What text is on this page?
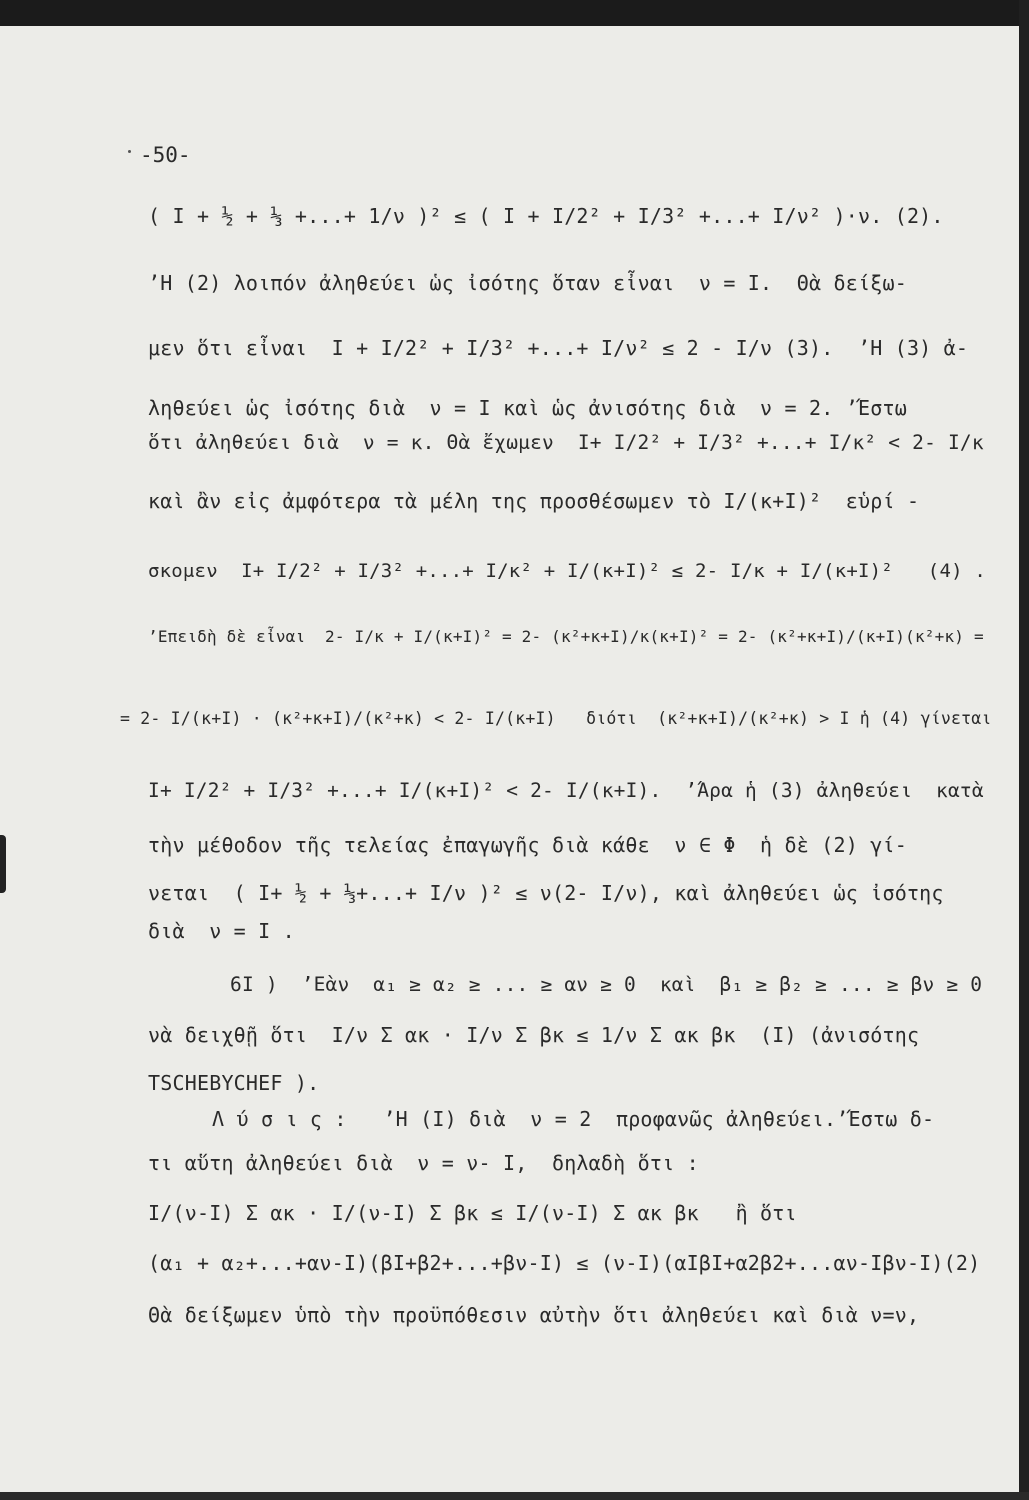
-50-
( I + ½ + ⅓ +...+ 1/ν )² ≤ ( I + I/2² + I/3² +...+ I/ν² )·ν. (2).
’H (2) λοιπόν ἀληθεύει ὡς ἰσότης ὅταν εἶναι  ν = I.  Θὰ δείξω-
μεν ὅτι εἶναι  I + I/2² + I/3² +...+ I/ν² ≤ 2 - I/ν (3).  ’H (3) ἀ-
ληθεύει ὡς ἰσότης διὰ  ν = I καὶ ὡς ἀνισότης διὰ  ν = 2. ’Έστω
ὅτι ἀληθεύει διὰ  ν = κ. Θὰ ἔχωμεν  I+ I/2² + I/3² +...+ I/κ² < 2- I/κ
καὶ ἂν εἰς ἀμφότερα τὰ μέλη της προσθέσωμεν τὸ I/(κ+I)²  εὑρί -
σκομεν  I+ I/2² + I/3² +...+ I/κ² + I/(κ+I)² ≤ 2- I/κ + I/(κ+I)²   (4) .
’Επειδὴ δὲ εἶναι  2- I/κ + I/(κ+I)² = 2- (κ²+κ+I)/κ(κ+I)² = 2- (κ²+κ+I)/(κ+I)(κ²+κ) =
= 2- I/(κ+I) · (κ²+κ+I)/(κ²+κ) < 2- I/(κ+I)   διότι  (κ²+κ+I)/(κ²+κ) > I ἡ (4) γίνεται
I+ I/2² + I/3² +...+ I/(κ+I)² < 2- I/(κ+I).  ’Άρα ἡ (3) ἀληθεύει  κατὰ
τὴν μέθοδον τῆς τελείας ἐπαγωγῆς διὰ κάθε  ν ∈ Φ  ἡ δὲ (2) γί-
νεται  ( I+ ½ + ⅓+...+ I/ν )² ≤ ν(2- I/ν), καὶ ἀληθεύει ὡς ἰσότης
διὰ  ν = I .
6I )  ’Εὰν  α₁ ≥ α₂ ≥ ... ≥ αν ≥ 0  καὶ  β₁ ≥ β₂ ≥ ... ≥ βν ≥ 0
νὰ δειχθῇ ὅτι  I/ν Σ ακ · I/ν Σ βκ ≤ 1/ν Σ ακ βκ  (I) (ἀνισότης
TSCHEBYCHEF ).
Λ ύ σ ι ς :   ’H (I) διὰ  ν = 2  προφανῶς ἀληθεύει.’Έστω δ-
τι αὕτη ἀληθεύει διὰ  ν = ν- I,  δηλαδὴ ὅτι :
I/(ν-I) Σ ακ · I/(ν-I) Σ βκ ≤ I/(ν-I) Σ ακ βκ   ἢ ὅτι
(α₁ + α₂+...+αν-I)(βI+β2+...+βν-I) ≤ (ν-I)(αIβI+α2β2+...αν-Iβν-I)(2)
Θὰ δείξωμεν ὑπὸ τὴν προϋπόθεσιν αὐτὴν ὅτι ἀληθεύει καὶ διὰ ν=ν,
